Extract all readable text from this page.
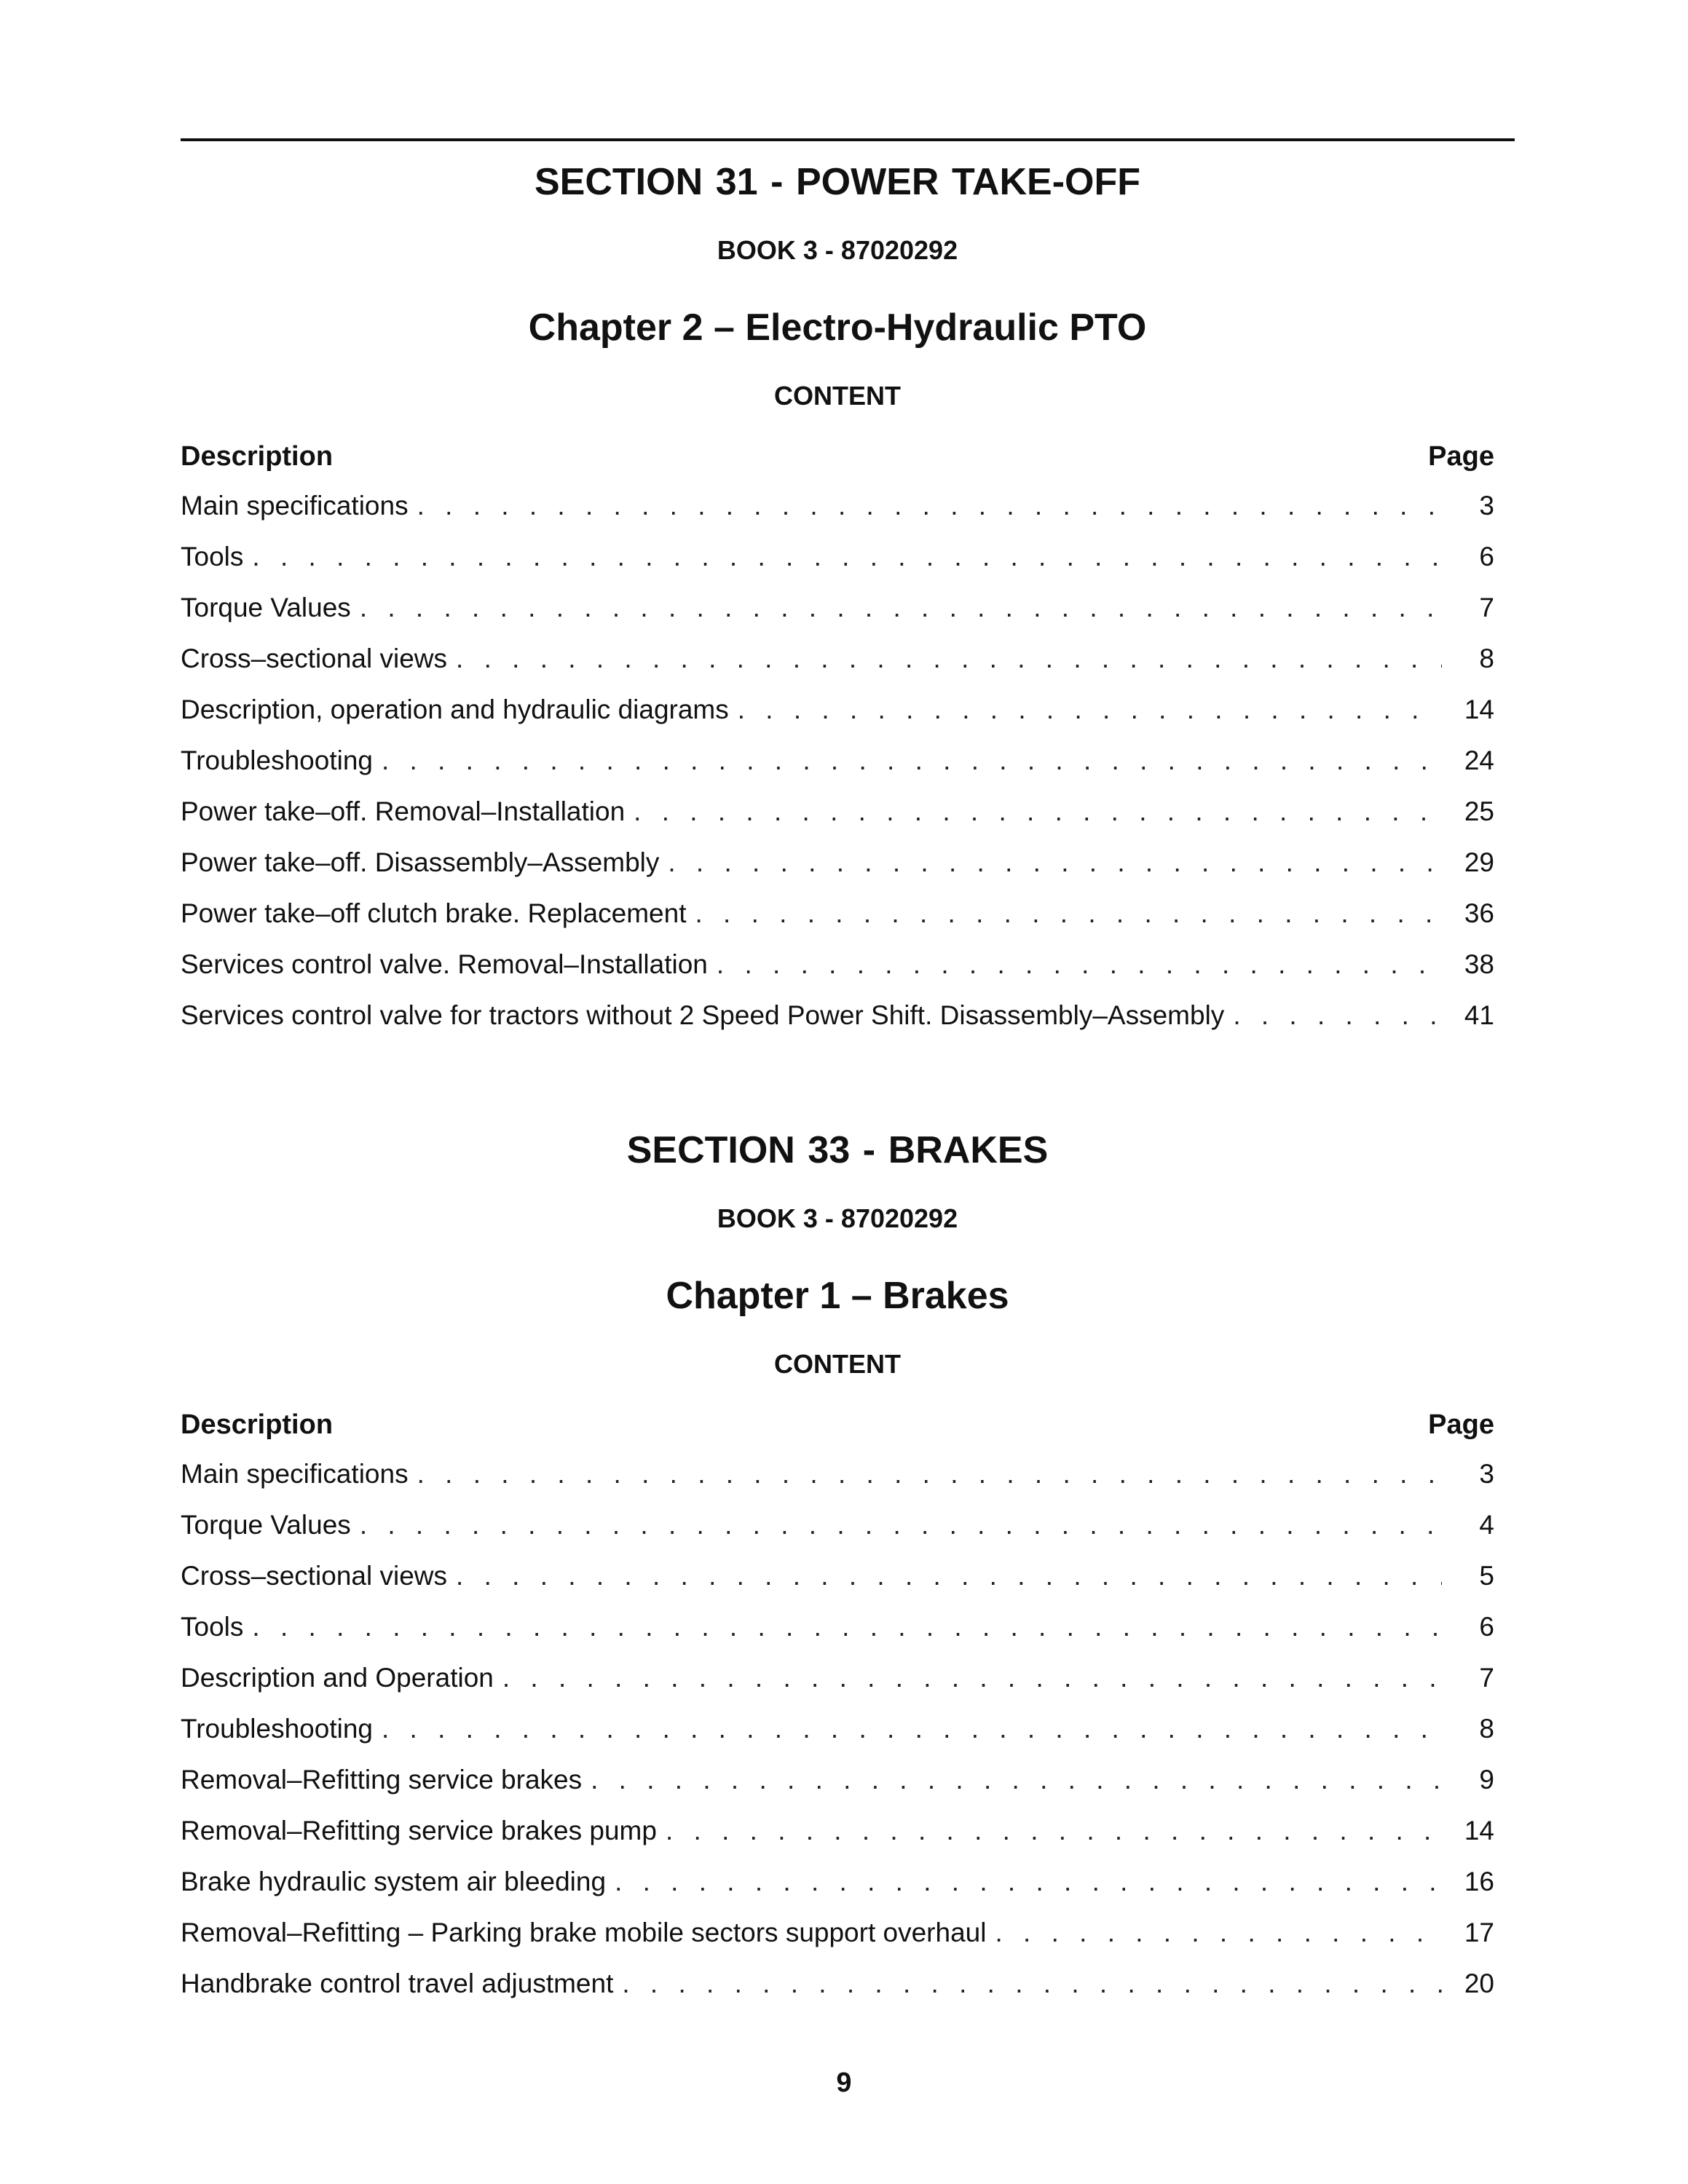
SECTION 31 - POWER TAKE-OFF
BOOK 3 - 87020292
Chapter 2 – Electro-Hydraulic PTO
CONTENT
Description	Page
Main specifications . . .	3
Tools . . .	6
Torque Values . . .	7
Cross–sectional views . . .	8
Description, operation and hydraulic diagrams . . .	14
Troubleshooting . . .	24
Power take–off. Removal–Installation . . .	25
Power take–off. Disassembly–Assembly . . .	29
Power take–off clutch brake. Replacement . . .	36
Services control valve. Removal–Installation . . .	38
Services control valve for tractors without 2 Speed Power Shift. Disassembly–Assembly . . .	41
SECTION 33 - BRAKES
BOOK 3 - 87020292
Chapter 1 – Brakes
CONTENT
Description	Page
Main specifications . . .	3
Torque Values . . .	4
Cross–sectional views . . .	5
Tools . . .	6
Description and Operation . . .	7
Troubleshooting . . .	8
Removal–Refitting service brakes . . .	9
Removal–Refitting service brakes pump . . .	14
Brake hydraulic system air bleeding . . .	16
Removal–Refitting – Parking brake mobile sectors support overhaul . . .	17
Handbrake control travel adjustment . . .	20
9
